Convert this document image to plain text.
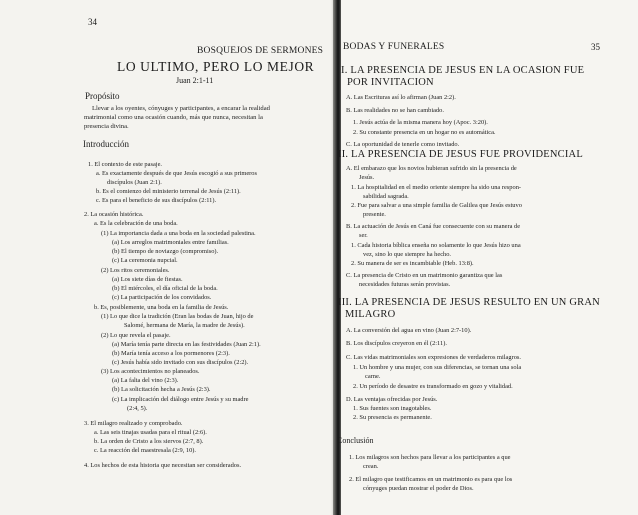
34
BOSQUEJOS DE SERMONES
LO ULTIMO, PERO LO MEJOR
Juan 2:1-11
Propósito
Llevar a los oyentes, cónyuges y participantes, a encarar la realidad
matrimonial como una ocasión cuando, más que nunca, necesitan la
presencia divina.
Introducción
1. El contexto de este pasaje.
a. Es exactamente después de que Jesús escogió a sus primeros
discípulos (Juan 2:1).
b. Es el comienzo del ministerio terrenal de Jesús (2:11).
c. Es para el beneficio de sus discípulos (2:11).
2. La ocasión histórica.
a. Es la celebración de una boda.
(1) La importancia dada a una boda en la sociedad palestina.
(a) Los arreglos matrimoniales entre familias.
(b) El tiempo de noviazgo (compromiso).
(c) La ceremonia nupcial.
(2) Los ritos ceremoniales.
(a) Los siete días de fiestas.
(b) El miércoles, el día oficial de la boda.
(c) La participación de los convidados.
b. Es, posiblemente, una boda en la familia de Jesús.
(1) Lo que dice la tradición (Eran las bodas de Juan, hijo de
Salomé, hermana de María, la madre de Jesús).
(2) Lo que revela el pasaje.
(a) María tenía parte directa en las festividades (Juan 2:1).
(b) María tenía acceso a los pormenores (2:3).
(c) Jesús había sido invitado con sus discípulos (2:2).
(3) Los acontecimientos no planeados.
(a) La falta del vino (2:3).
(b) La solicitación hecha a Jesús (2:3).
(c) La implicación del diálogo entre Jesús y su madre
(2:4, 5).
3. El milagro realizado y comprobado.
a. Las seis tinajas usadas para el ritual (2:6).
b. La orden de Cristo a los siervos (2:7, 8).
c. La reacción del maestresala (2:9, 10).
4. Los hechos de esta historia que necesitan ser considerados.
BODAS Y FUNERALES	35
I. LA PRESENCIA DE JESUS EN LA OCASION FUE
POR INVITACION
II. LA PRESENCIA DE JESUS FUE PROVIDENCIAL
III. LA PRESENCIA DE JESUS RESULTO EN UN GRAN
MILAGRO
Conclusión
A. Las Escrituras así lo afirman (Juan 2:2).
B. Las realidades no se han cambiado.
1. Jesús actúa de la misma manera hoy (Apoc. 3:20).
2. Su constante presencia en un hogar no es automática.
C. La oportunidad de tenerle como invitado.
A. El embarazo que los novios hubieran sufrido sin la presencia de
Jesús.
1. La hospitalidad en el medio oriente siempre ha sido una respon-
sabilidad sagrada.
2. Fue para salvar a una simple familia de Galilea que Jesús estuvo
presente.
B. La actuación de Jesús en Caná fue consecuente con su manera de
ser.
1. Cada historia bíblica enseña no solamente lo que Jesús hizo una
vez, sino lo que siempre ha hecho.
2. Su manera de ser es incambiable (Heb. 13:8).
C. La presencia de Cristo en un matrimonio garantiza que las
necesidades futuras serán provistas.
A. La conversión del agua en vino (Juan 2:7-10).
B. Los discípulos creyeron en él (2:11).
C. Las vidas matrimoniales son expresiones de verdaderos milagros.
1. Un hombre y una mujer, con sus diferencias, se tornan una sola
carne.
2. Un período de desastre es transformado en gozo y vitalidad.
D. Las ventajas ofrecidas por Jesús.
1. Sus fuentes son inagotables.
2. Su presencia es permanente.
1. Los milagros son hechos para llevar a los participantes a que
crean.
2. El milagro que testificamos en un matrimonio es para que los
cónyuges puedan mostrar el poder de Dios.
